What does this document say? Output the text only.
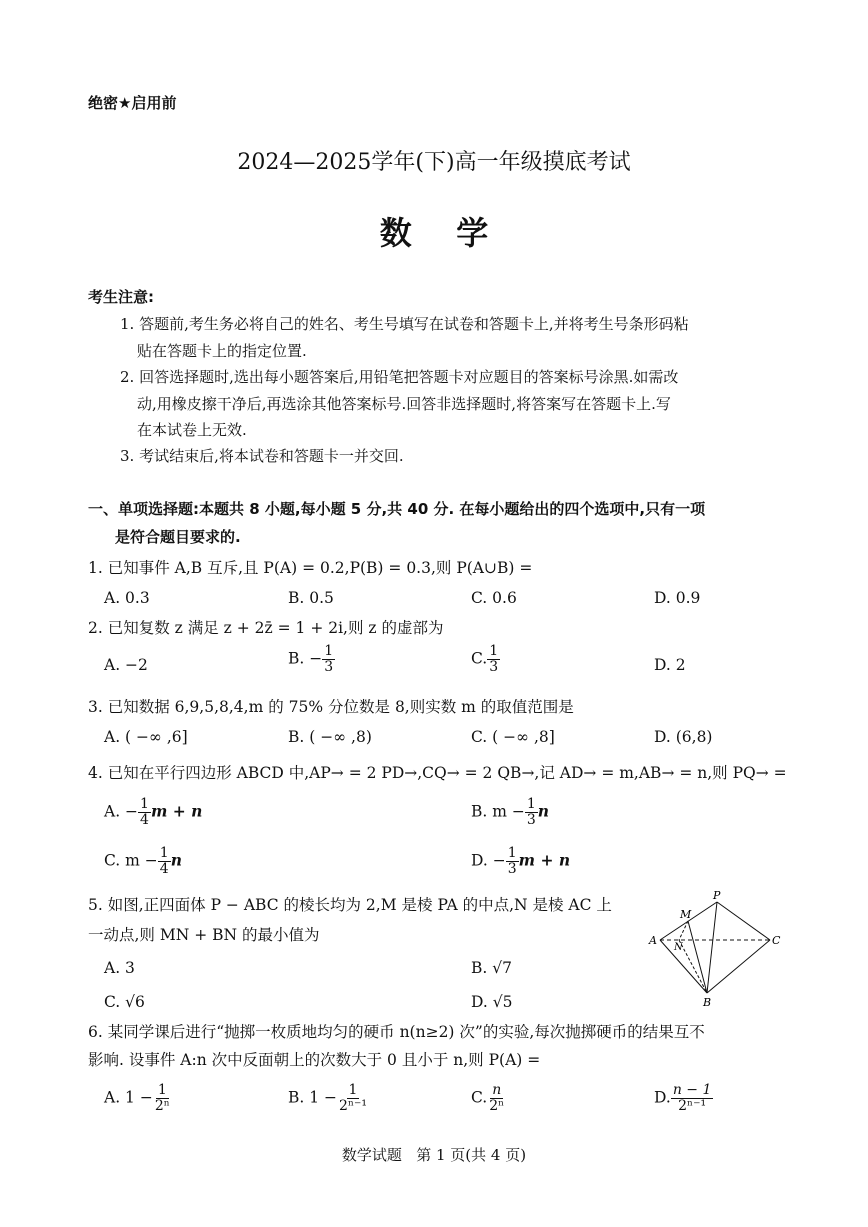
绝密★启用前
2024—2025学年(下)高一年级摸底考试
数    学
考生注意:
1. 答题前,考生务必将自己的姓名、考生号填写在试卷和答题卡上,并将考生号条形码粘
贴在答题卡上的指定位置.
2. 回答选择题时,选出每小题答案后,用铅笔把答题卡对应题目的答案标号涂黑.如需改
动,用橡皮擦干净后,再选涂其他答案标号.回答非选择题时,将答案写在答题卡上.写
在本试卷上无效.
3. 考试结束后,将本试卷和答题卡一并交回.
一、单项选择题:本题共 8 小题,每小题 5 分,共 40 分. 在每小题给出的四个选项中,只有一项
是符合题目要求的.
1. 已知事件 A,B 互斥,且 P(A) = 0.2,P(B) = 0.3,则 P(A∪B) =
A. 0.3	B. 0.5	C. 0.6	D. 0.9
2. 已知复数 z 满足 z + 2z̄ = 1 + 2i,则 z 的虚部为
A. −2	B. − $\frac{1}{3}$	C. $\frac{1}{3}$	D. 2
3. 已知数据 6,9,5,8,4,m 的 75% 分位数是 8,则实数 m 的取值范围是
A. ( −∞ ,6]	B. ( −∞ ,8)	C. ( −∞ ,8]	D. (6,8)
4. 已知在平行四边形 ABCD 中,AP→ = 2 PD→,CQ→ = 2 QB→,记 AD→ = m,AB→ = n,则 PQ→ =
A. − $\frac{1}{4}$ m + n	B. $m - \frac{1}{3}$ n
C. $m - \frac{1}{4}$ n	D. − $\frac{1}{3}$ m + n
5. 如图,正四面体 P − ABC 的棱长均为 2,M 是棱 PA 的中点,N 是棱 AC 上
一动点,则 MN + BN 的最小值为
A. 3	B. √7
C. √6	D. √5
P
M
A
N
C
B
6. 某同学课后进行“抛掷一枚质地均匀的硬币 n(n≥2) 次”的实验,每次抛掷硬币的结果互不
影响. 设事件 A:n 次中反面朝上的次数大于 0 且小于 n,则 P(A) =
A. $1 - \frac{1}{\text{2ⁿ}}$	B. $1 - \frac{1}{\text{2ⁿ⁻¹}}$	C. $\frac{n}{\text{2ⁿ}}$	D. $\frac{n - 1}{\text{2ⁿ⁻¹}}$
数学试题   第 1 页(共 4 页)
